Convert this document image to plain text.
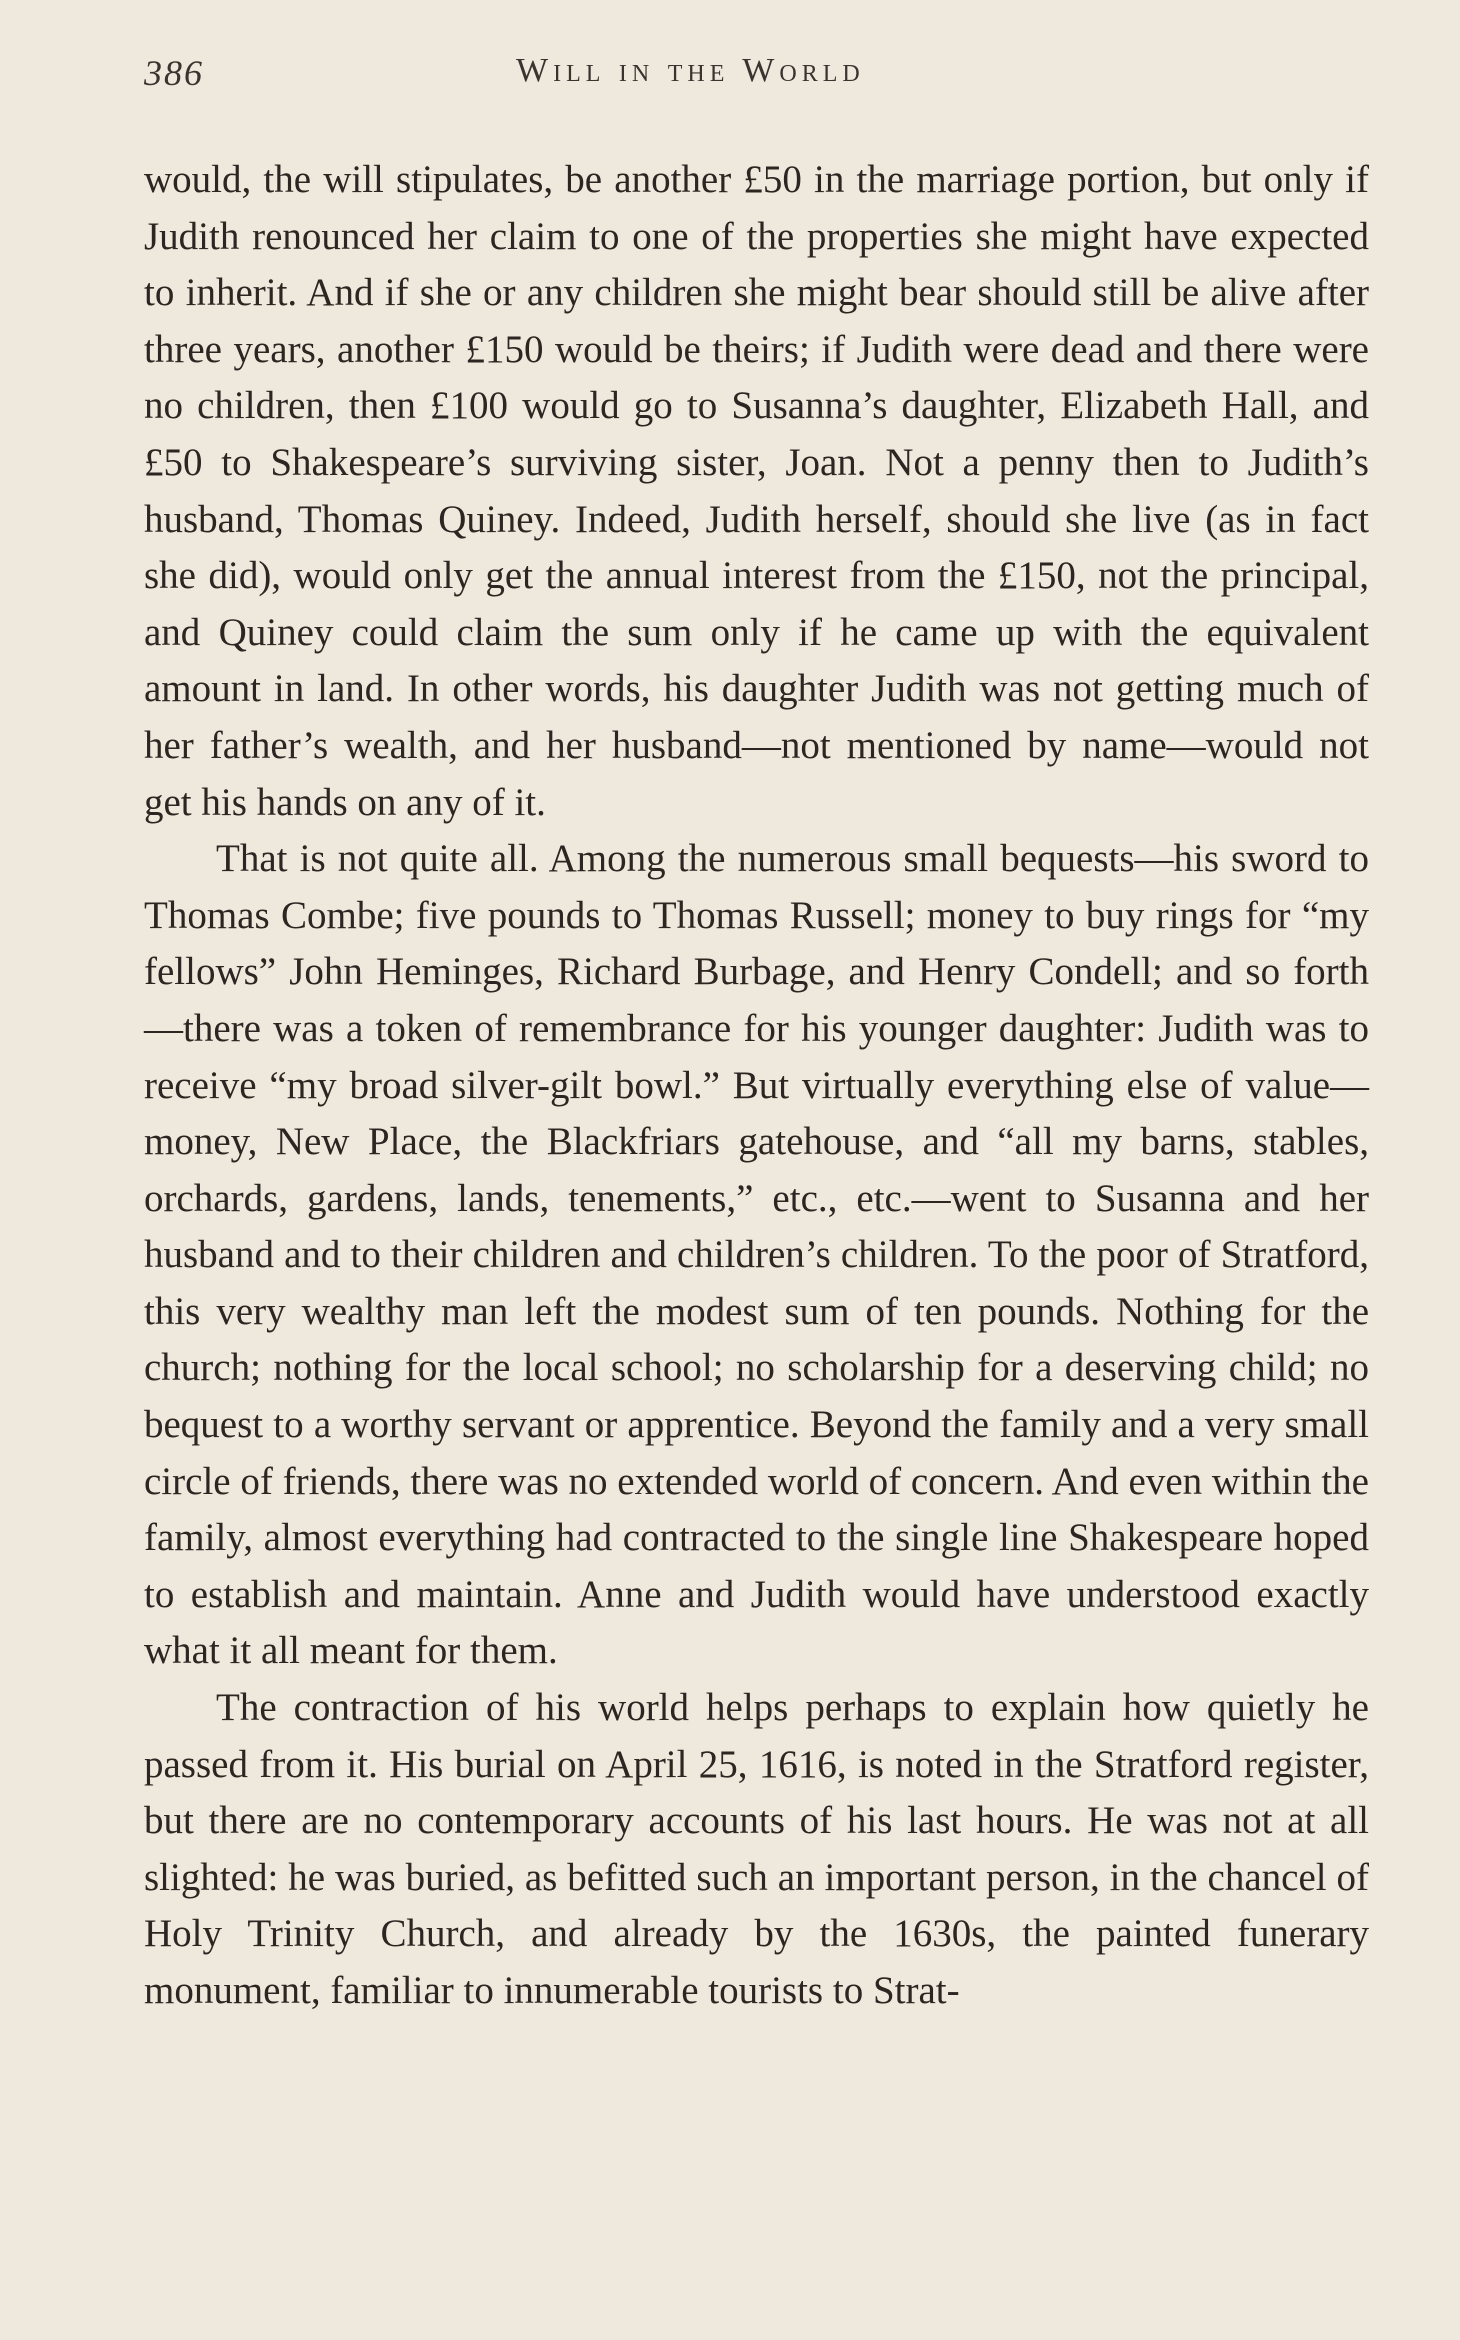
386	Will in the World

would, the will stipulates, be another £50 in the marriage portion, but only if Judith renounced her claim to one of the properties she might have expected to inherit. And if she or any children she might bear should still be alive after three years, another £150 would be theirs; if Judith were dead and there were no children, then £100 would go to Susanna’s daughter, Elizabeth Hall, and £50 to Shakespeare’s surviving sister, Joan. Not a penny then to Judith’s husband, Thomas Quiney. Indeed, Judith herself, should she live (as in fact she did), would only get the annual interest from the £150, not the principal, and Quiney could claim the sum only if he came up with the equivalent amount in land. In other words, his daughter Judith was not getting much of her father’s wealth, and her husband—not mentioned by name—would not get his hands on any of it.

That is not quite all. Among the numerous small bequests—his sword to Thomas Combe; five pounds to Thomas Russell; money to buy rings for “my fellows” John Heminges, Richard Burbage, and Henry Condell; and so forth—there was a token of remembrance for his younger daughter: Judith was to receive “my broad silver-gilt bowl.” But virtually everything else of value—money, New Place, the Blackfriars gatehouse, and “all my barns, stables, orchards, gardens, lands, tenements,” etc., etc.—went to Susanna and her husband and to their children and children’s children. To the poor of Stratford, this very wealthy man left the modest sum of ten pounds. Nothing for the church; nothing for the local school; no scholarship for a deserving child; no bequest to a worthy servant or apprentice. Beyond the family and a very small circle of friends, there was no extended world of concern. And even within the family, almost everything had contracted to the single line Shakespeare hoped to establish and maintain. Anne and Judith would have understood exactly what it all meant for them.

The contraction of his world helps perhaps to explain how quietly he passed from it. His burial on April 25, 1616, is noted in the Stratford register, but there are no contemporary accounts of his last hours. He was not at all slighted: he was buried, as befitted such an important person, in the chancel of Holy Trinity Church, and already by the 1630s, the painted funerary monument, familiar to innumerable tourists to Strat-
